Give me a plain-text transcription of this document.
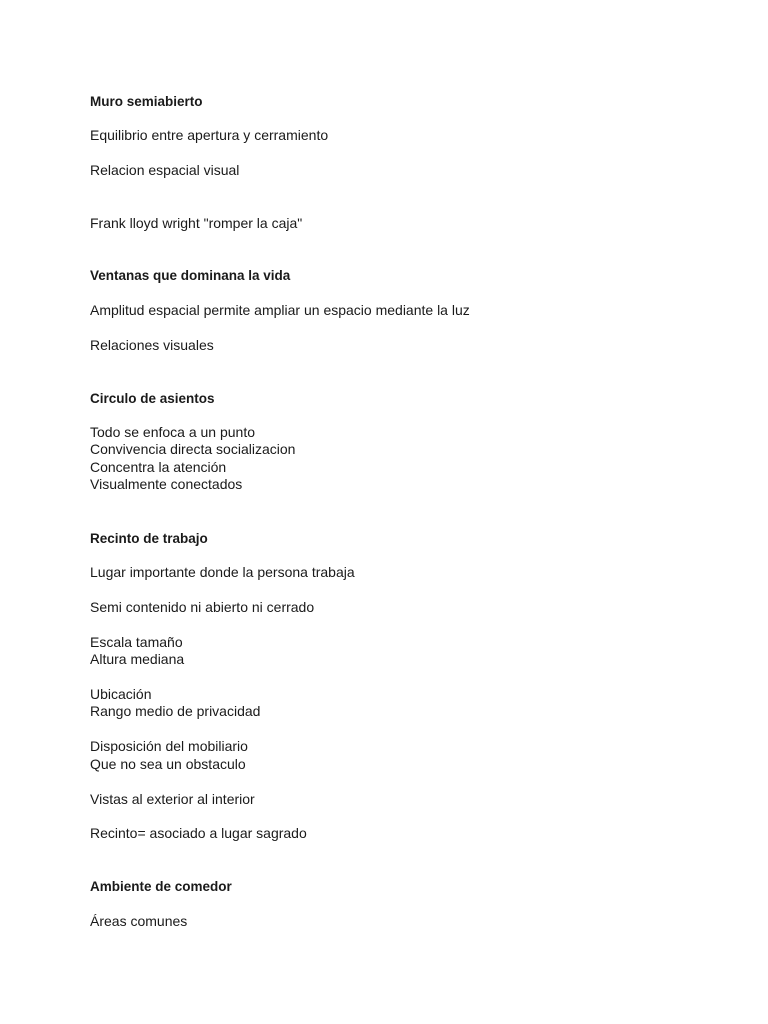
Muro semiabierto

Equilibrio entre apertura y cerramiento

Relacion espacial visual

Frank lloyd wright "romper la caja"

Ventanas que dominana la vida

Amplitud espacial permite ampliar un espacio mediante la luz

Relaciones visuales

Circulo de asientos

Todo se enfoca a un punto

Convivencia directa socializacion

Concentra la atención

Visualmente conectados

Recinto de trabajo

Lugar importante donde la persona trabaja

Semi contenido ni abierto ni cerrado

Escala tamaño

Altura mediana

Ubicación

Rango medio de privacidad

Disposición del mobiliario

Que no sea un obstaculo

Vistas al exterior al interior

Recinto= asociado a lugar sagrado

Ambiente de comedor

Áreas comunes
